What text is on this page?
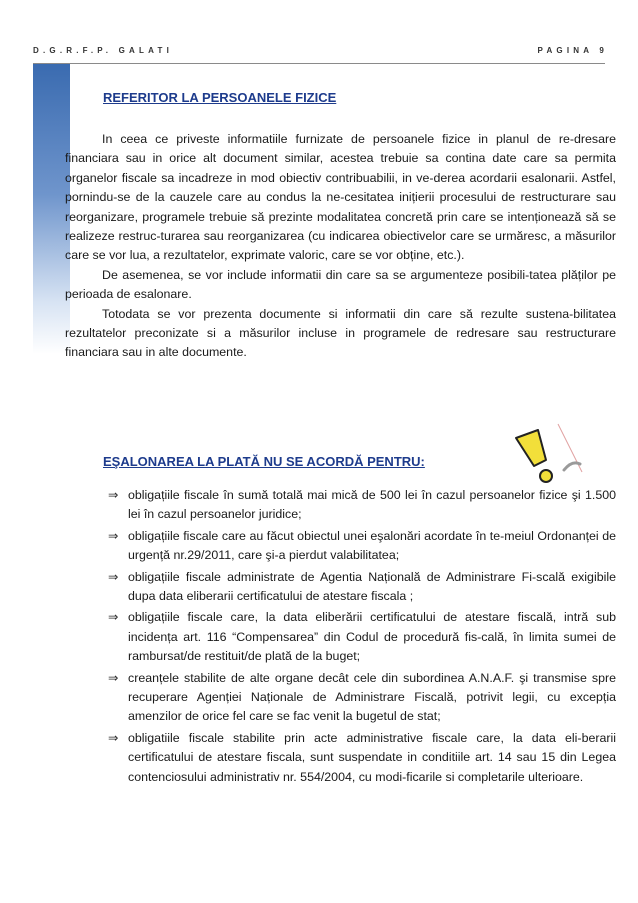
D.G.R.F.P. GALATI	PAGINA 9
REFERITOR LA PERSOANELE FIZICE

In ceea ce priveste informatiile furnizate de persoanele fizice in planul de re-dresare financiara sau in orice alt document similar, acestea trebuie sa contina date care sa permita organelor fiscale sa incadreze in mod obiectiv contribuabilii, in ve-derea acordarii esalonarii. Astfel, pornindu-se de la cauzele care au condus la ne-cesitatea inițierii procesului de restructurare sau reorganizare, programele trebuie să prezinte modalitatea concretă prin care se intenționează să se realizeze restruc-turarea sau reorganizarea (cu indicarea obiectivelor care se urmăresc, a măsurilor care se vor lua, a rezultatelor, exprimate valoric, care se vor obține, etc.).

De asemenea, se vor include informatii din care sa se argumenteze posibili-tatea plăților pe perioada de esalonare.

Totodata se vor prezenta documente si informatii din care să rezulte sustena-bilitatea rezultatelor preconizate si a măsurilor incluse in programele de redresare sau restructurare financiara sau in alte documente.

EŞALONAREA LA PLATĂ NU SE ACORDĂ PENTRU:
⇒ obligațiile fiscale în sumă totală mai mică de 500 lei în cazul persoanelor fizice şi 1.500 lei în cazul persoanelor juridice;
⇒ obligațiile fiscale care au făcut obiectul unei eşalonări acordate în te-meiul Ordonanței de urgență nr.29/2011, care şi-a pierdut valabilitatea;
⇒ obligațiile fiscale administrate de Agentia Națională de Administrare Fi-scală exigibile dupa data eliberarii certificatului de atestare fiscala ;
⇒ obligațiile fiscale care, la data eliberării certificatului de atestare fiscală, intră sub incidența art. 116 “Compensarea” din Codul de procedură fis-cală, în limita sumei de rambursat/de restituit/de plată de la buget;
⇒ creanțele stabilite de alte organe decât cele din subordinea A.N.A.F. şi transmise spre recuperare Agenției Naționale de Administrare Fiscală, potrivit legii, cu excepția amenzilor de orice fel care se fac venit la bugetul de stat;
⇒ obligatiile fiscale stabilite prin acte administrative fiscale care, la data eli-berarii certificatului de atestare fiscala, sunt suspendate in conditiile art. 14 sau 15 din Legea contenciosului administrativ nr. 554/2004, cu modi-ficarile si completarile ulterioare.
